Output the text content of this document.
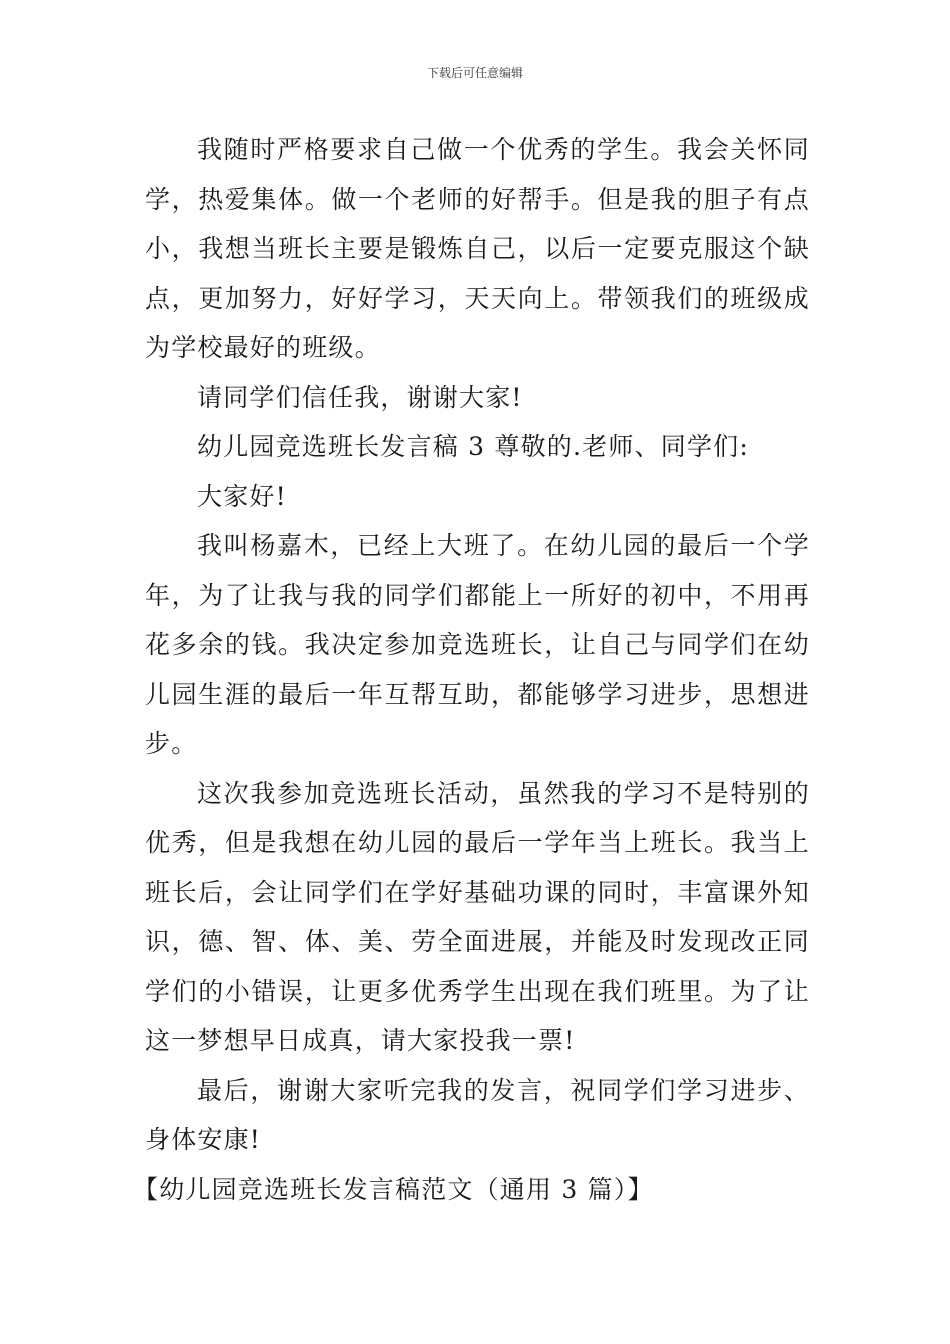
下载后可任意编辑

我随时严格要求自己做一个优秀的学生。我会关怀同学，热爱集体。做一个老师的好帮手。但是我的胆子有点小，我想当班长主要是锻炼自己，以后一定要克服这个缺点，更加努力，好好学习，天天向上。带领我们的班级成为学校最好的班级。

请同学们信任我，谢谢大家!

幼儿园竞选班长发言稿 3 尊敬的.老师、同学们:

大家好!

我叫杨嘉木，已经上大班了。在幼儿园的最后一个学年，为了让我与我的同学们都能上一所好的初中，不用再花多余的钱。我决定参加竞选班长，让自己与同学们在幼儿园生涯的最后一年互帮互助，都能够学习进步，思想进步。

这次我参加竞选班长活动，虽然我的学习不是特别的优秀，但是我想在幼儿园的最后一学年当上班长。我当上班长后，会让同学们在学好基础功课的同时，丰富课外知识，德、智、体、美、劳全面进展，并能及时发现改正同学们的小错误，让更多优秀学生出现在我们班里。为了让这一梦想早日成真，请大家投我一票!

最后，谢谢大家听完我的发言，祝同学们学习进步、身体安康!

【幼儿园竞选班长发言稿范文（通用 3 篇）】
